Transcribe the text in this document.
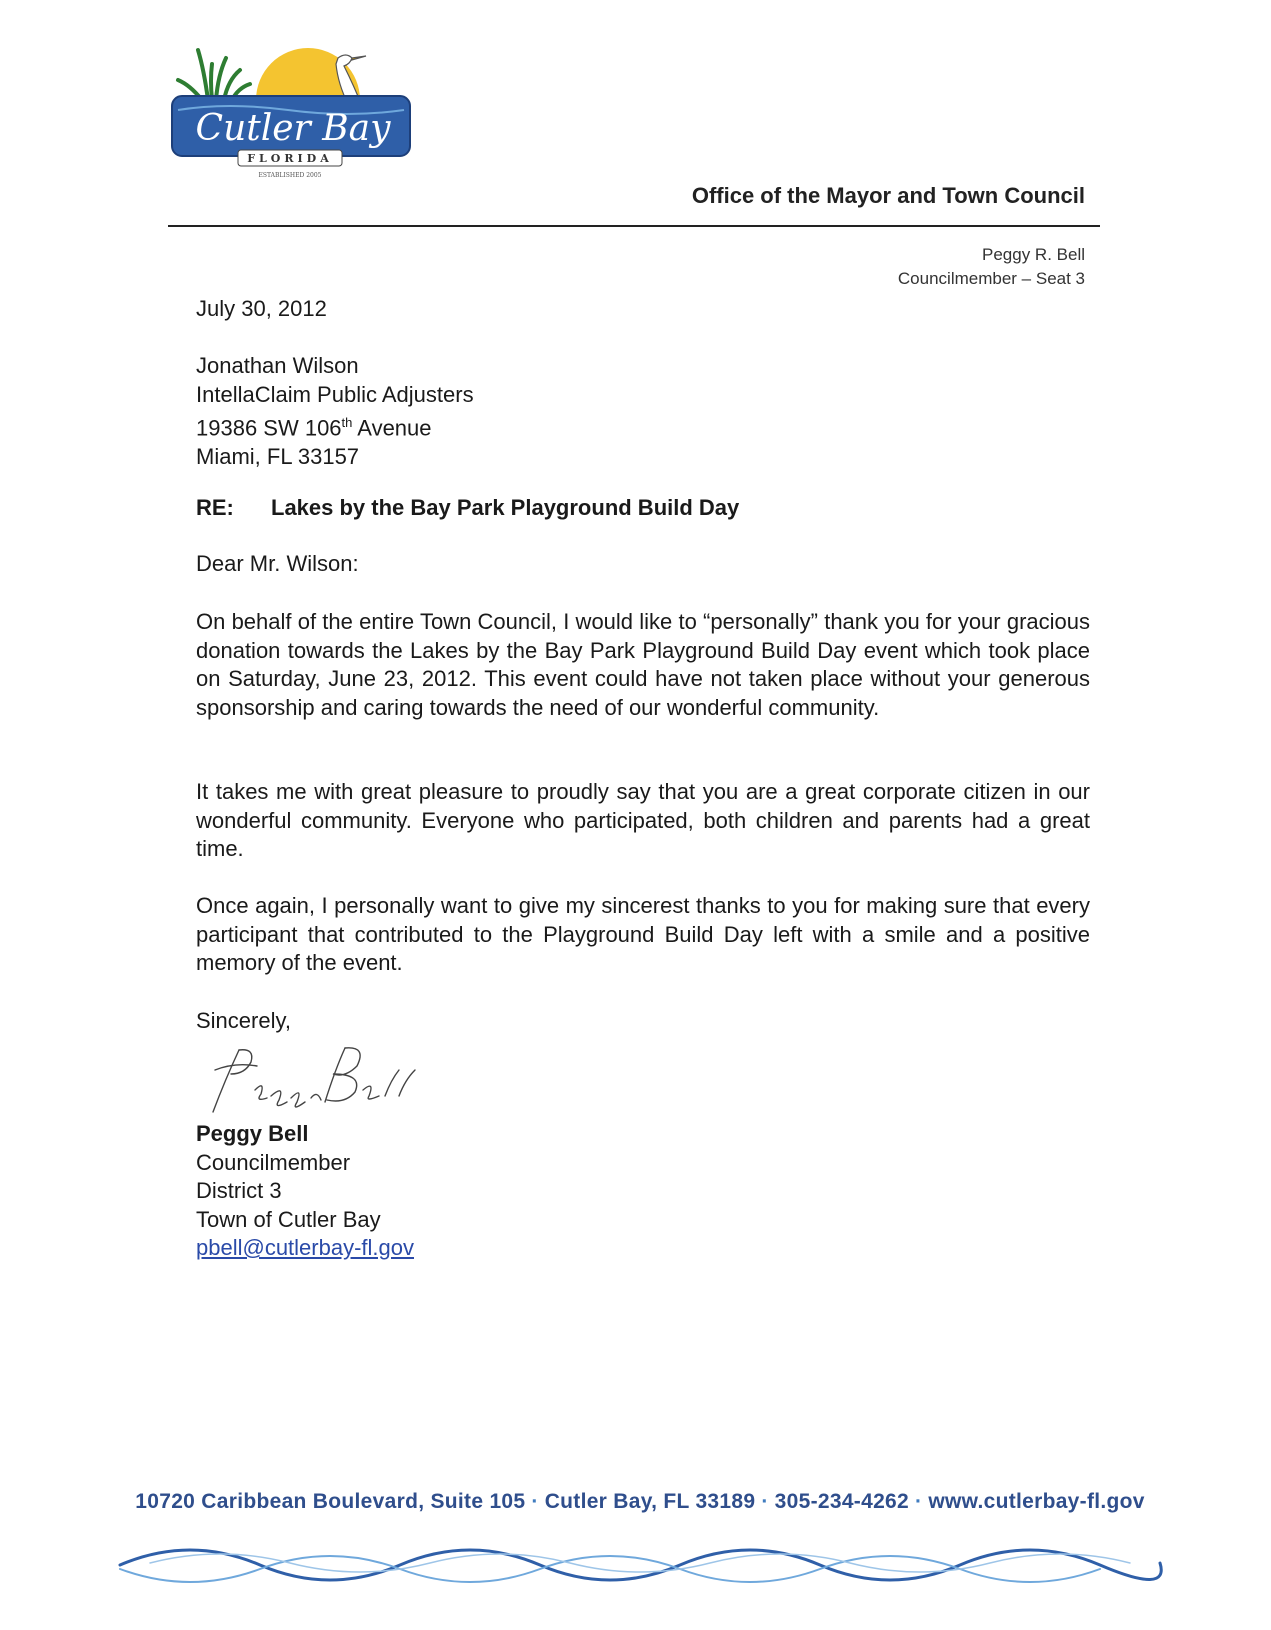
Cutler Bay
FLORIDA
ESTABLISHED 2005
Office of the Mayor and Town Council
Peggy R. Bell
Councilmember – Seat 3
July 30, 2012
Jonathan Wilson
IntellaClaim Public Adjusters
19386 SW 106th Avenue
Miami, FL 33157
RE: Lakes by the Bay Park Playground Build Day
Dear Mr. Wilson:
On behalf of the entire Town Council, I would like to “personally” thank you for your gracious donation towards the Lakes by the Bay Park Playground Build Day event which took place on Saturday, June 23, 2012. This event could have not taken place without your generous sponsorship and caring towards the need of our wonderful community.
It takes me with great pleasure to proudly say that you are a great corporate citizen in our wonderful community. Everyone who participated, both children and parents had a great time.
Once again, I personally want to give my sincerest thanks to you for making sure that every participant that contributed to the Playground Build Day left with a smile and a positive memory of the event.
Sincerely,
Peggy Bell
Councilmember
District 3
Town of Cutler Bay
pbell@cutlerbay-fl.gov
10720 Caribbean Boulevard, Suite 105 · Cutler Bay, FL 33189 · 305-234-4262 · www.cutlerbay-fl.gov
